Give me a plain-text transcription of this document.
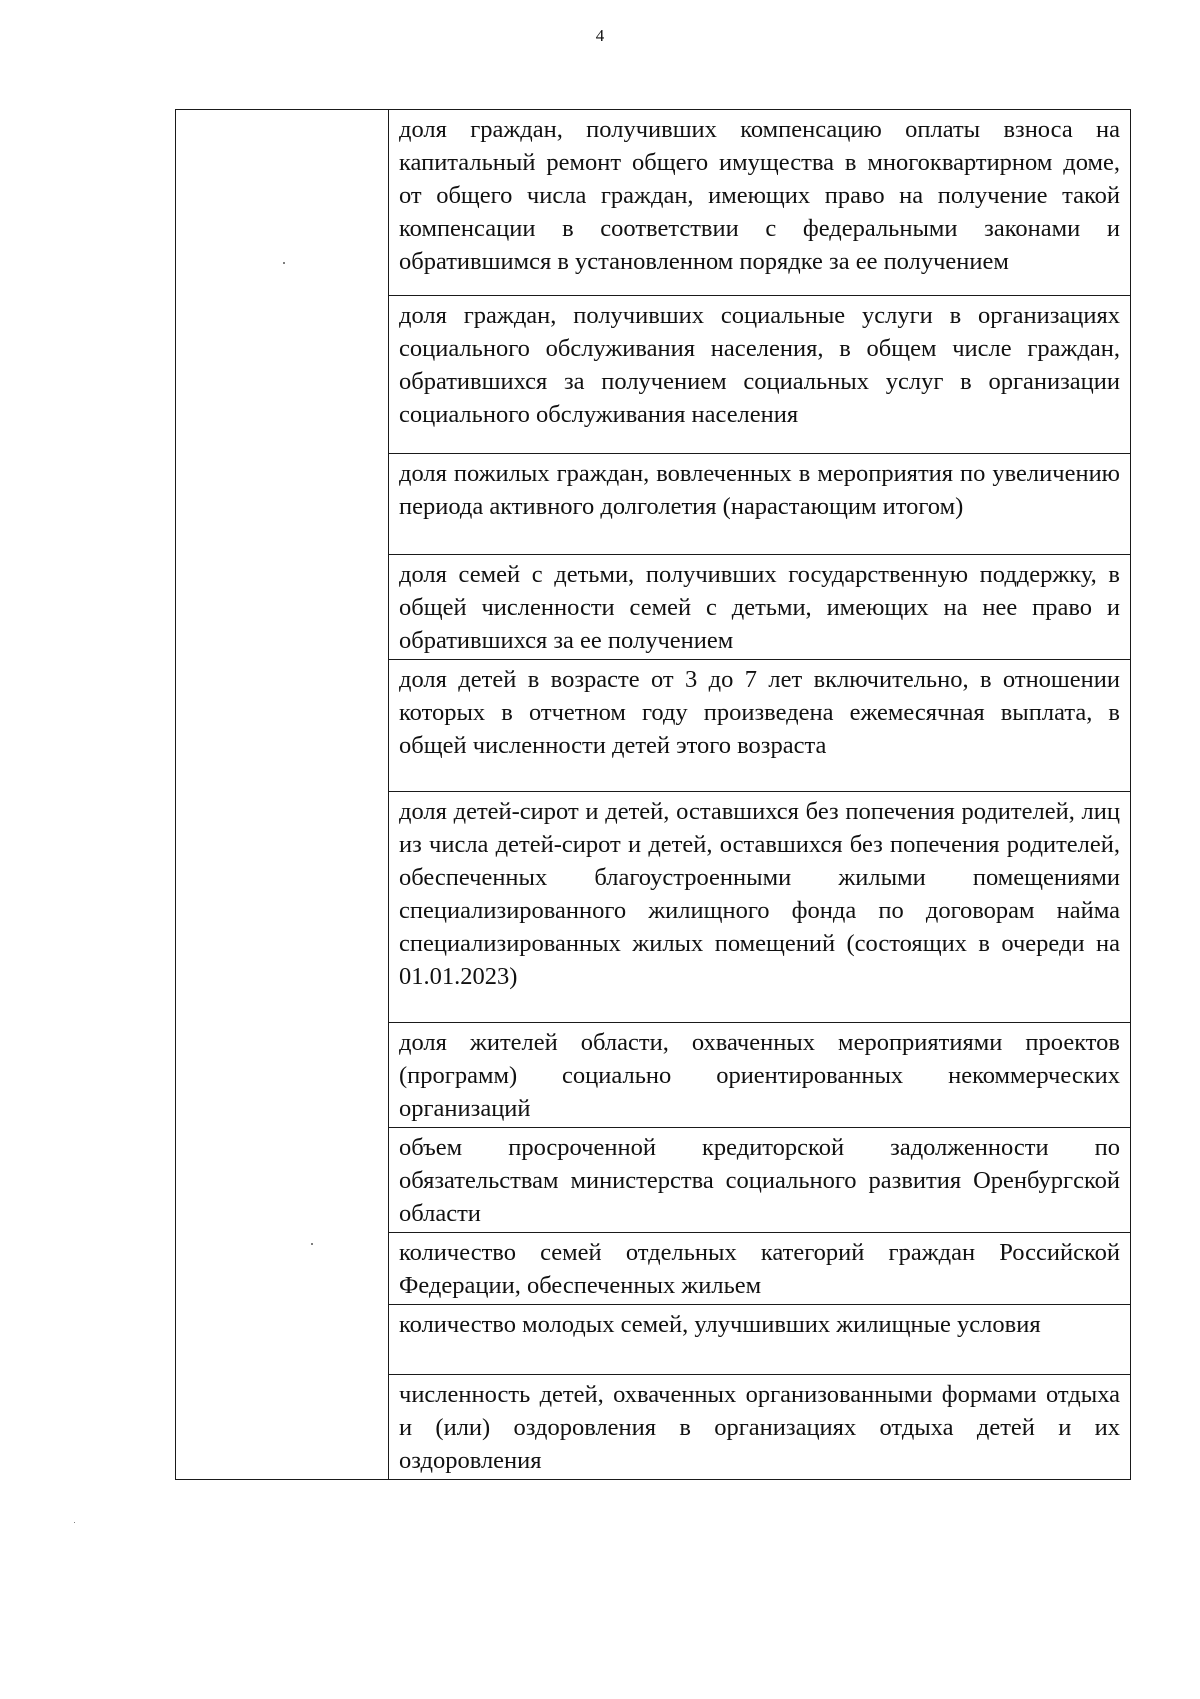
4

доля граждан, получивших компенсацию оплаты взноса на капитальный ремонт общего имущества в многоквартирном доме, от общего числа граждан, имеющих право на получение такой компенсации в соответствии с федеральными законами и обратившимся в установленном порядке за ее получением

доля граждан, получивших социальные услуги в организациях социального обслуживания населения, в общем числе граждан, обратившихся за получением социальных услуг в организации социального обслуживания населения

доля пожилых граждан, вовлеченных в мероприятия по увеличению периода активного долголетия (нарастающим итогом)

доля семей с детьми, получивших государственную поддержку, в общей численности семей с детьми, имеющих на нее право и обратившихся за ее получением

доля детей в возрасте от 3 до 7 лет включительно, в отношении которых в отчетном году произведена ежемесячная выплата, в общей численности детей этого возраста

доля детей-сирот и детей, оставшихся без попечения родителей, лиц из числа детей-сирот и детей, оставшихся без попечения родителей, обеспеченных благоустроенными жилыми помещениями специализированного жилищного фонда по договорам найма специализированных жилых помещений (состоящих в очереди на 01.01.2023)

доля жителей области, охваченных мероприятиями проектов (программ) социально ориентированных некоммерческих организаций

объем просроченной кредиторской задолженности по обязательствам министерства социального развития Оренбургской области

количество семей отдельных категорий граждан Российской Федерации, обеспеченных жильем

количество молодых семей, улучшивших жилищные условия

численность детей, охваченных организованными формами отдыха и (или) оздоровления в организациях отдыха детей и их оздоровления
